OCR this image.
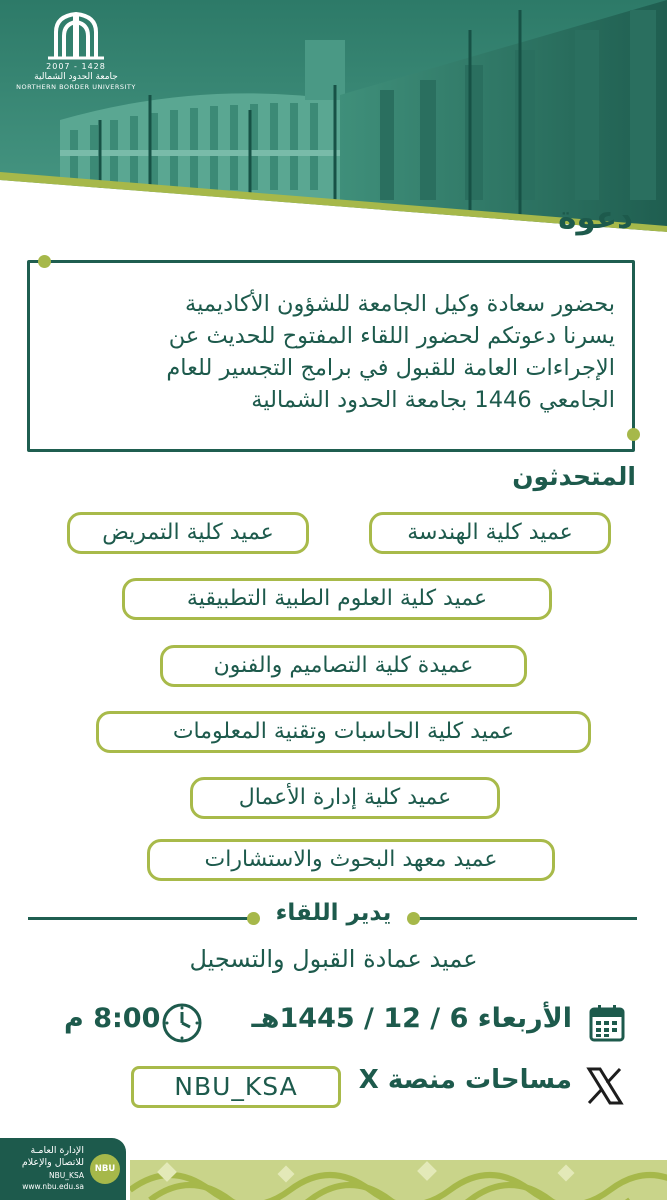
2007 - 1428
جامعة الحدود الشمالية
NORTHERN BORDER UNIVERSITY
دعوة
بحضور سعادة وكيل الجامعة للشؤون الأكاديمية
يسرنا دعوتكم لحضور اللقاء المفتوح للحديث عن
الإجراءات العامة للقبول في برامج التجسير للعام
الجامعي 1446 بجامعة الحدود الشمالية
المتحدثون
عميد كلية الهندسة
عميد كلية التمريض
عميد كلية العلوم الطبية التطبيقية
عميدة كلية التصاميم والفنون
عميد كلية الحاسبات وتقنية المعلومات
عميد كلية إدارة الأعمال
عميد معهد البحوث والاستشارات
يدير اللقاء
عميد عمادة القبول والتسجيل
الأربعاء 6 / 12 / 1445هـ
8:00 م
مساحات منصة X
NBU_KSA
الإدارة العامـة
للاتصال والإعلام
NBU_KSA
www.nbu.edu.sa
NBU
